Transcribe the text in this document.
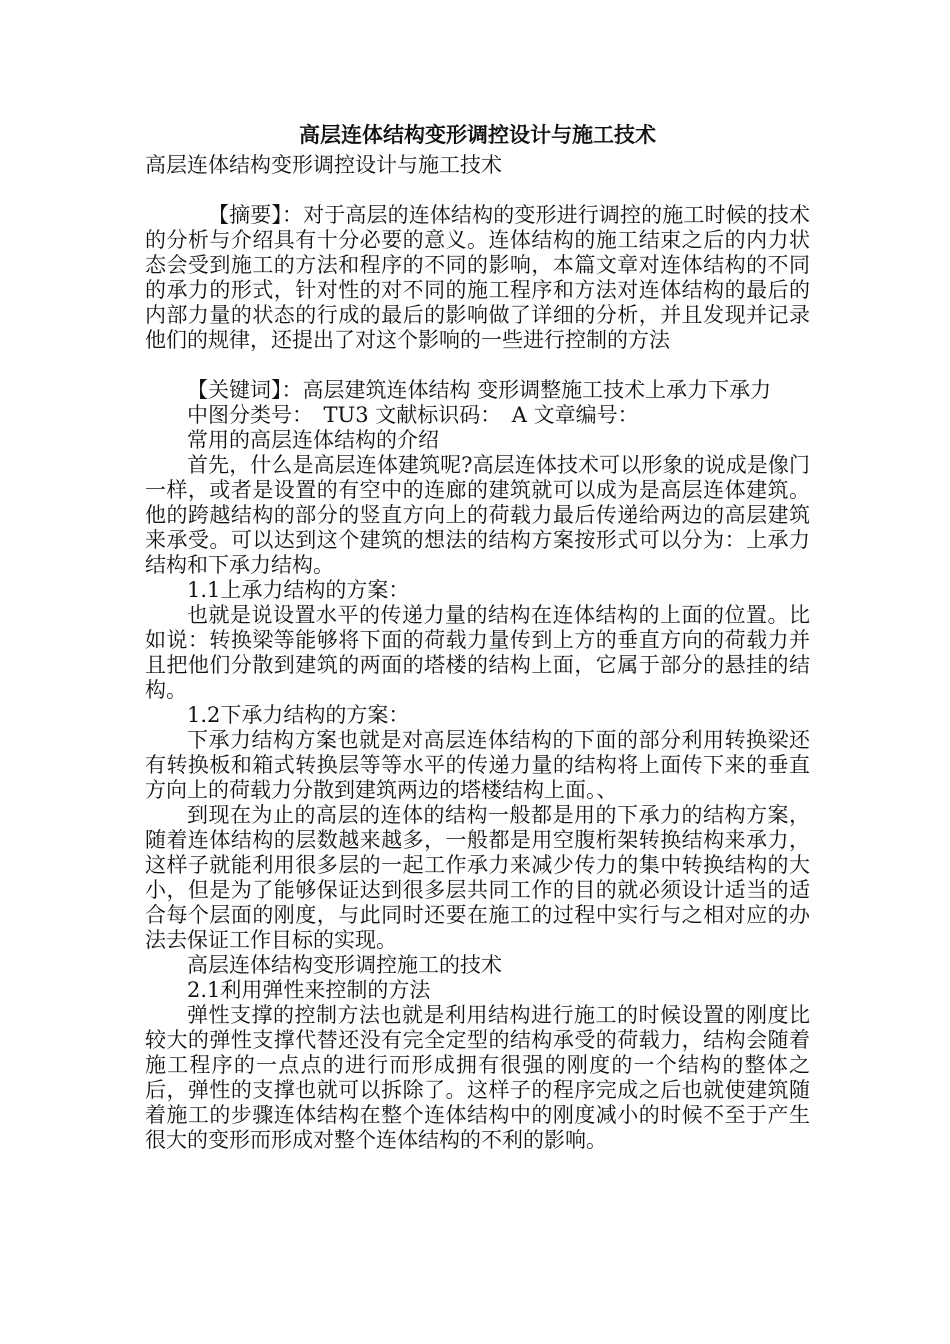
高层连体结构变形调控设计与施工技术

高层连体结构变形调控设计与施工技术

【摘要】：对于高层的连体结构的变形进行调控的施工时候的技术的分析与介绍具有十分必要的意义。连体结构的施工结束之后的内力状态会受到施工的方法和程序的不同的影响，本篇文章对连体结构的不同的承力的形式，针对性的对不同的施工程序和方法对连体结构的最后的内部力量的状态的行成的最后的影响做了详细的分析，并且发现并记录他们的规律，还提出了对这个影响的一些进行控制的方法

【关键词】：高层建筑连体结构 变形调整施工技术上承力下承力

中图分类号：　TU3 文献标识码：　A 文章编号：

常用的高层连体结构的介绍

首先，什么是高层连体建筑呢?高层连体技术可以形象的说成是像门一样，或者是设置的有空中的连廊的建筑就可以成为是高层连体建筑。他的跨越结构的部分的竖直方向上的荷载力最后传递给两边的高层建筑来承受。可以达到这个建筑的想法的结构方案按形式可以分为：上承力结构和下承力结构。

1.1上承力结构的方案：

也就是说设置水平的传递力量的结构在连体结构的上面的位置。比如说：转换梁等能够将下面的荷载力量传到上方的垂直方向的荷载力并且把他们分散到建筑的两面的塔楼的结构上面，它属于部分的悬挂的结构。

1.2下承力结构的方案：

下承力结构方案也就是对高层连体结构的下面的部分利用转换梁还有转换板和箱式转换层等等水平的传递力量的结构将上面传下来的垂直方向上的荷载力分散到建筑两边的塔楼结构上面。、

到现在为止的高层的连体的结构一般都是用的下承力的结构方案，随着连体结构的层数越来越多，一般都是用空腹桁架转换结构来承力，这样子就能利用很多层的一起工作承力来减少传力的集中转换结构的大小，但是为了能够保证达到很多层共同工作的目的就必须设计适当的适合每个层面的刚度，与此同时还要在施工的过程中实行与之相对应的办法去保证工作目标的实现。

高层连体结构变形调控施工的技术

2.1利用弹性来控制的方法

弹性支撑的控制方法也就是利用结构进行施工的时候设置的刚度比较大的弹性支撑代替还没有完全定型的结构承受的荷载力，结构会随着施工程序的一点点的进行而形成拥有很强的刚度的一个结构的整体之后，弹性的支撑也就可以拆除了。这样子的程序完成之后也就使建筑随着施工的步骤连体结构在整个连体结构中的刚度减小的时候不至于产生很大的变形而形成对整个连体结构的不利的影响。
